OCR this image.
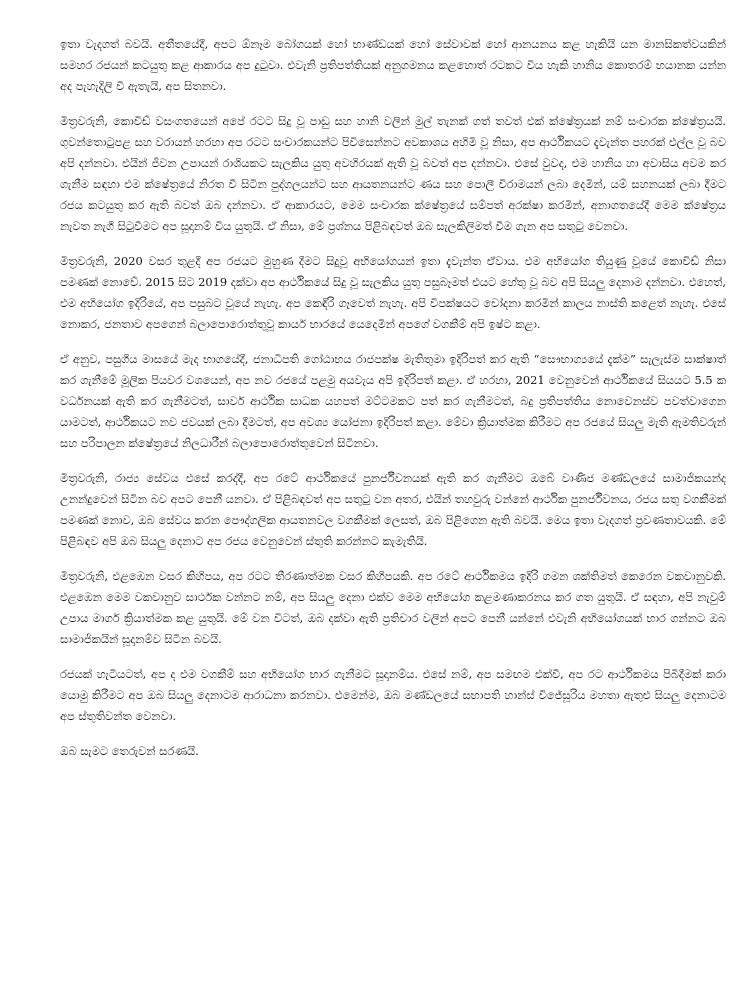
ඉතා වැදගත් බවයි. අතීතයේදී, අපට ඕනෑම බෝගයක් හෝ භාණ්ඩයක් හෝ සේවාවක් හෝ ආනයනය කළ හැකියි යන මානසිකත්වයකින් සමහර රජයන් කටයුතු කළ ආකාරය අප දුටුවා. එවැනි ප්‍රතිපත්තියක් අනුගමනය කළහොත් රටකට විය හැකි හානිය කොතරම් භයානක යන්න අද පැහැදිලි වී ඇතැයි, අප සිතනවා.

මිත්‍රවරුනි, කොවිඩ් වසංගතයෙන් අපේ රටට සිදු වූ පාඩු සහ හානි වලින් මුල් තැනක් ගත් තවත් එක් ක්ෂේත්‍රයක් නම් සංචාරක ක්ෂේත්‍රයයි. ගුවන්තොටුපළ සහ වරායන් හරහා අප රටට සංචාරකයන්ට පිවිසෙන්නට අවකාශය අහිමි වූ නිසා, අප ආර්ථිකයට දැවැන්ත පහරක් එල්ල වූ බව අපි දන්නවා. එයින් ජීවන උපායන් රාශියකට සැලකිය යුතු අවහිරයක් ඇති වූ බවත් අප දන්නවා. එසේ වුවද, එම හානිය හා අවාසිය අවම කර ගැනීම සඳහා එම ක්ෂේත්‍රයේ නිරත වී සිටින පුද්ගලයන්ට සහ ආයතනයන්ට ණය සහ පොලී විරාමයන් ලබා දෙමින්, යම් සහනයක් ලබා දීමට රජය කටයුතු කර ඇති බවත් ඔබ දන්නවා. ඒ ආකාරයට, මෙම සංචාරක ක්ෂේත්‍රයේ සම්පත් අරක්ෂා කරමින්, අනාගතයේදී මෙම ක්ෂේත්‍රය නැවත නැගී සිටුවීමට අප සූදානම් විය යුතුයි. ඒ නිසා, මේ ප්‍රශ්නය පිළිබඳවත් ඔබ සැලකිලිමත් වීම ගැන අප සතුටු වෙනවා.

මිත්‍රවරුනි, 2020 වසර තුළදී අප රජයට මුහුණ දීමට සිදුවූ අභියෝගයන් ඉතා දැවැන්ත ඒවාය. එම අභියෝග තියුණු වූයේ කොවිඩ් නිසා පමණක් නොවේ. 2015 සිට 2019 දක්වා අප ආර්ථිකයේ සිදු වූ සැලකිය යුතු පසුබෑමත් එයට හේතු වූ බව අපි සියලු දෙනාම දන්නවා. එහෙත්, එම අභියෝග ඉදිරියේ, අප පසුබට වූයේ නැහැ. අප කෙඳිරි ගෑවෙත් නැහැ. අපි විපක්ෂයට චෝදනා කරමින් කාලය නාස්ති කළෙත් නැහැ. එසේ නොකර, ජනතාව අපගෙන් බලාපොරොත්තුවූ කාර්ය භාරයේ යෙදෙමින් අපගේ වගකීම් අපි ඉෂ්ට කළා.

ඒ අනුව, පසුගිය මාසයේ මැද භාගයේදී, ජනාධිපති ගෝඨාභය රාජපක්ෂ මැතිතුමා ඉදිරිපත් කර ඇති “සෞභාග්‍යයේ දැක්ම” සැලැස්ම සාක්ෂාත් කර ගැනීමේ මූලික පියවර වශයෙන්, අප නව රජයේ පළමු අයවැය අපි ඉදිරිපත් කළා. ඒ හරහා, 2021 වෙනුවෙන් ආර්ථිකයේ සියයට 5.5 ක වර්ධනයක් ඇති කර ගැනීමටත්, සාර්ව ආර්ථික සාධක යහපත් මට්ටමකට පත් කර ගැනීමටත්, බදු ප්‍රතිපත්තිය නොවෙනස්ව පවත්වාගෙන යාමටත්, ආර්ථිකයට නව ජවයක් ලබා දීමටත්, අප අවශ්‍ය යෝජනා ඉදිරිපත් කළා. මේවා ක්‍රියාත්මක කිරීමට අප රජයේ සියලු මැති ඇමතිවරුන් සහ පරිපාලන ක්ෂේත්‍රයේ නිලධාරීන් බලාපොරොත්තුවෙන් සිටිනවා.

මිත්‍රවරුනි, රාජ්‍ය සේවය එසේ කරද්දී, අප රටේ ආර්ථිකයේ පුනර්ජීවනයක් ඇති කර ගැනීමට ඔබේ වාණිජ මණ්ඩලයේ සාමාජිකයන්ද උනන්දුවෙන් සිටින බව අපට පෙනී යනවා. ඒ පිළිබඳවත් අප සතුටු වන අතර, එයින් තහවුරු වන්නේ ආර්ථික පුනර්ජීවනය, රජය සතු වගකීමක් පමණක් නොව, ඔබ සේවය කරන පෞද්ගලික ආයතනවල වගකීමක් ලෙසත්, ඔබ පිළිගෙන ඇති බවයි. මෙය ඉතා වැදගත් ප්‍රවණතාවයකි. මේ පිළිබඳව අපි ඔබ සියලු දෙනාට අප රජය වෙනුවෙන් ස්තුති කරන්නට කැමැතියි.

මිත්‍රවරුනි, එළඹෙන වසර කිහිපය, අප රටට තීරණාත්මක වසර කිහිපයකි. අප රටේ ආර්ථිකමය ඉදිරි ගමන ශක්තිමත් කෙරෙන වකවානුවකි. එළඹෙන මෙම වකවානුව සාර්ථක වන්නට නම්, අප සියලු දෙනා එක්ව මෙම අභියෝග කළමණාකරනය කර ගත යුතුයි. ඒ සඳහා, අපි නැවුම් උපාය මාර්ග ක්‍රියාත්මක කළ යුතුයි. මේ වන විටත්, ඔබ දක්වා ඇති ප්‍රතිචාර වලින් අපට පෙනී යන්නේ එවැනි අභියෝගයක් භාර ගන්නට ඔබ සාමාජිකයින් සූදානම්ව සිටින බවයි.

රජයක් හැටියටත්, අප ද එම වගකීම් සහ අභියෝග භාර ගැනීමට සූදානම්ය. එසේ නම්, අප සමඟම එක්වී, අප රට ආර්ථිකමය පිබිදීමක් කරා යොමු කිරීමට අප ඔබ සියලු දෙනාටම ආරාධනා කරනවා. එමෙන්ම, ඔබ මණ්ඩලයේ සභාපති හාන්ස් විජේසූරිය මහතා ඇතුළු සියලු දෙනාටම අප ස්තුතිවන්ත වෙනවා.

ඔබ සැමට තෙරුවන් සරණයි.
